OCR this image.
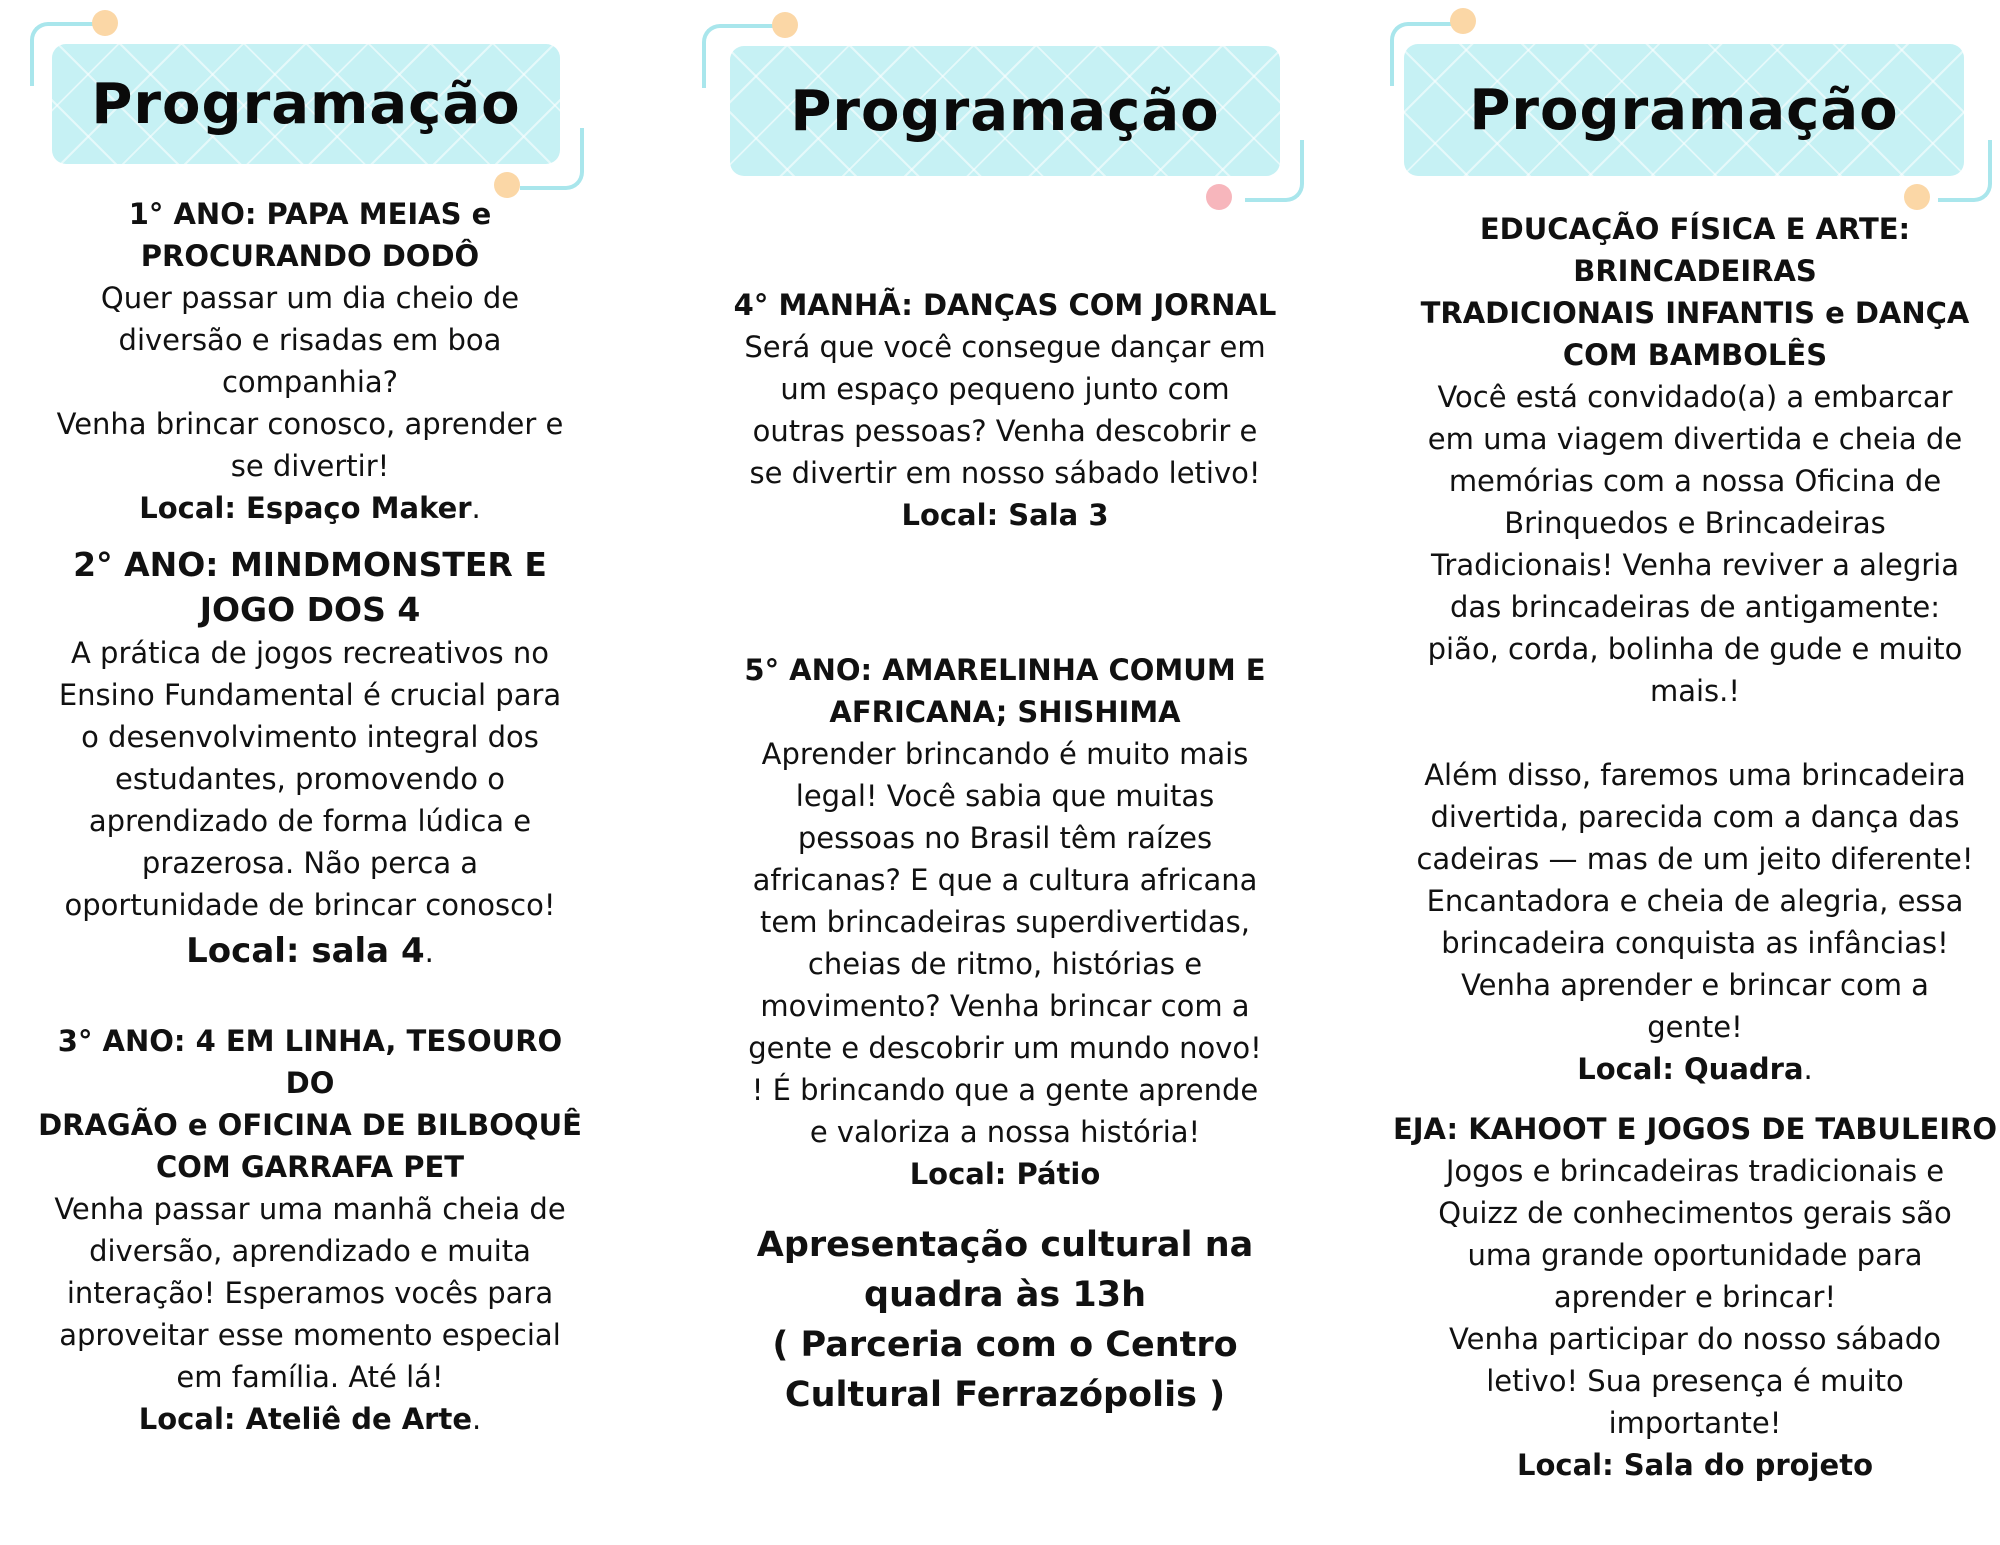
Programação
1° ANO: PAPA MEIAS e
PROCURANDO DODÔ
Quer passar um dia cheio de
diversão e risadas em boa
companhia?
Venha brincar conosco, aprender e
se divertir!
Local: Espaço Maker.
2° ANO: MINDMONSTER E
JOGO DOS 4
A prática de jogos recreativos no
Ensino Fundamental é crucial para
o desenvolvimento integral dos
estudantes, promovendo o
aprendizado de forma lúdica e
prazerosa. Não perca a
oportunidade de brincar conosco!
Local: sala 4.
3° ANO: 4 EM LINHA, TESOURO DO
DRAGÃO e OFICINA DE BILBOQUÊ
COM GARRAFA PET
Venha passar uma manhã cheia de
diversão, aprendizado e muita
interação! Esperamos vocês para
aproveitar esse momento especial
em família. Até lá!
Local: Ateliê de Arte.
Programação
4° MANHÃ: DANÇAS COM JORNAL
Será que você consegue dançar em
um espaço pequeno junto com
outras pessoas? Venha descobrir e
se divertir em nosso sábado letivo!
Local: Sala 3
5° ANO: AMARELINHA COMUM E
AFRICANA; SHISHIMA
Aprender brincando é muito mais
legal! Você sabia que muitas
pessoas no Brasil têm raízes
africanas? E que a cultura africana
tem brincadeiras superdivertidas,
cheias de ritmo, histórias e
movimento? Venha brincar com a
gente e descobrir um mundo novo!
! É brincando que a gente aprende
e valoriza a nossa história!
Local: Pátio
Apresentação cultural na
quadra às 13h
( Parceria com o Centro
Cultural Ferrazópolis )
Programação
EDUCAÇÃO FÍSICA E ARTE:
BRINCADEIRAS
TRADICIONAIS INFANTIS e DANÇA
COM BAMBOLÊS
Você está convidado(a) a embarcar
em uma viagem divertida e cheia de
memórias com a nossa Oficina de
Brinquedos e Brincadeiras
Tradicionais! Venha reviver a alegria
das brincadeiras de antigamente:
pião, corda, bolinha de gude e muito
mais.!
Além disso, faremos uma brincadeira
divertida, parecida com a dança das
cadeiras — mas de um jeito diferente!
Encantadora e cheia de alegria, essa
brincadeira conquista as infâncias!
Venha aprender e brincar com a
gente!
Local: Quadra.
EJA: KAHOOT E JOGOS DE TABULEIRO
Jogos e brincadeiras tradicionais e
Quizz de conhecimentos gerais são
uma grande oportunidade para
aprender e brincar!
Venha participar do nosso sábado
letivo! Sua presença é muito
importante!
Local: Sala do projeto
